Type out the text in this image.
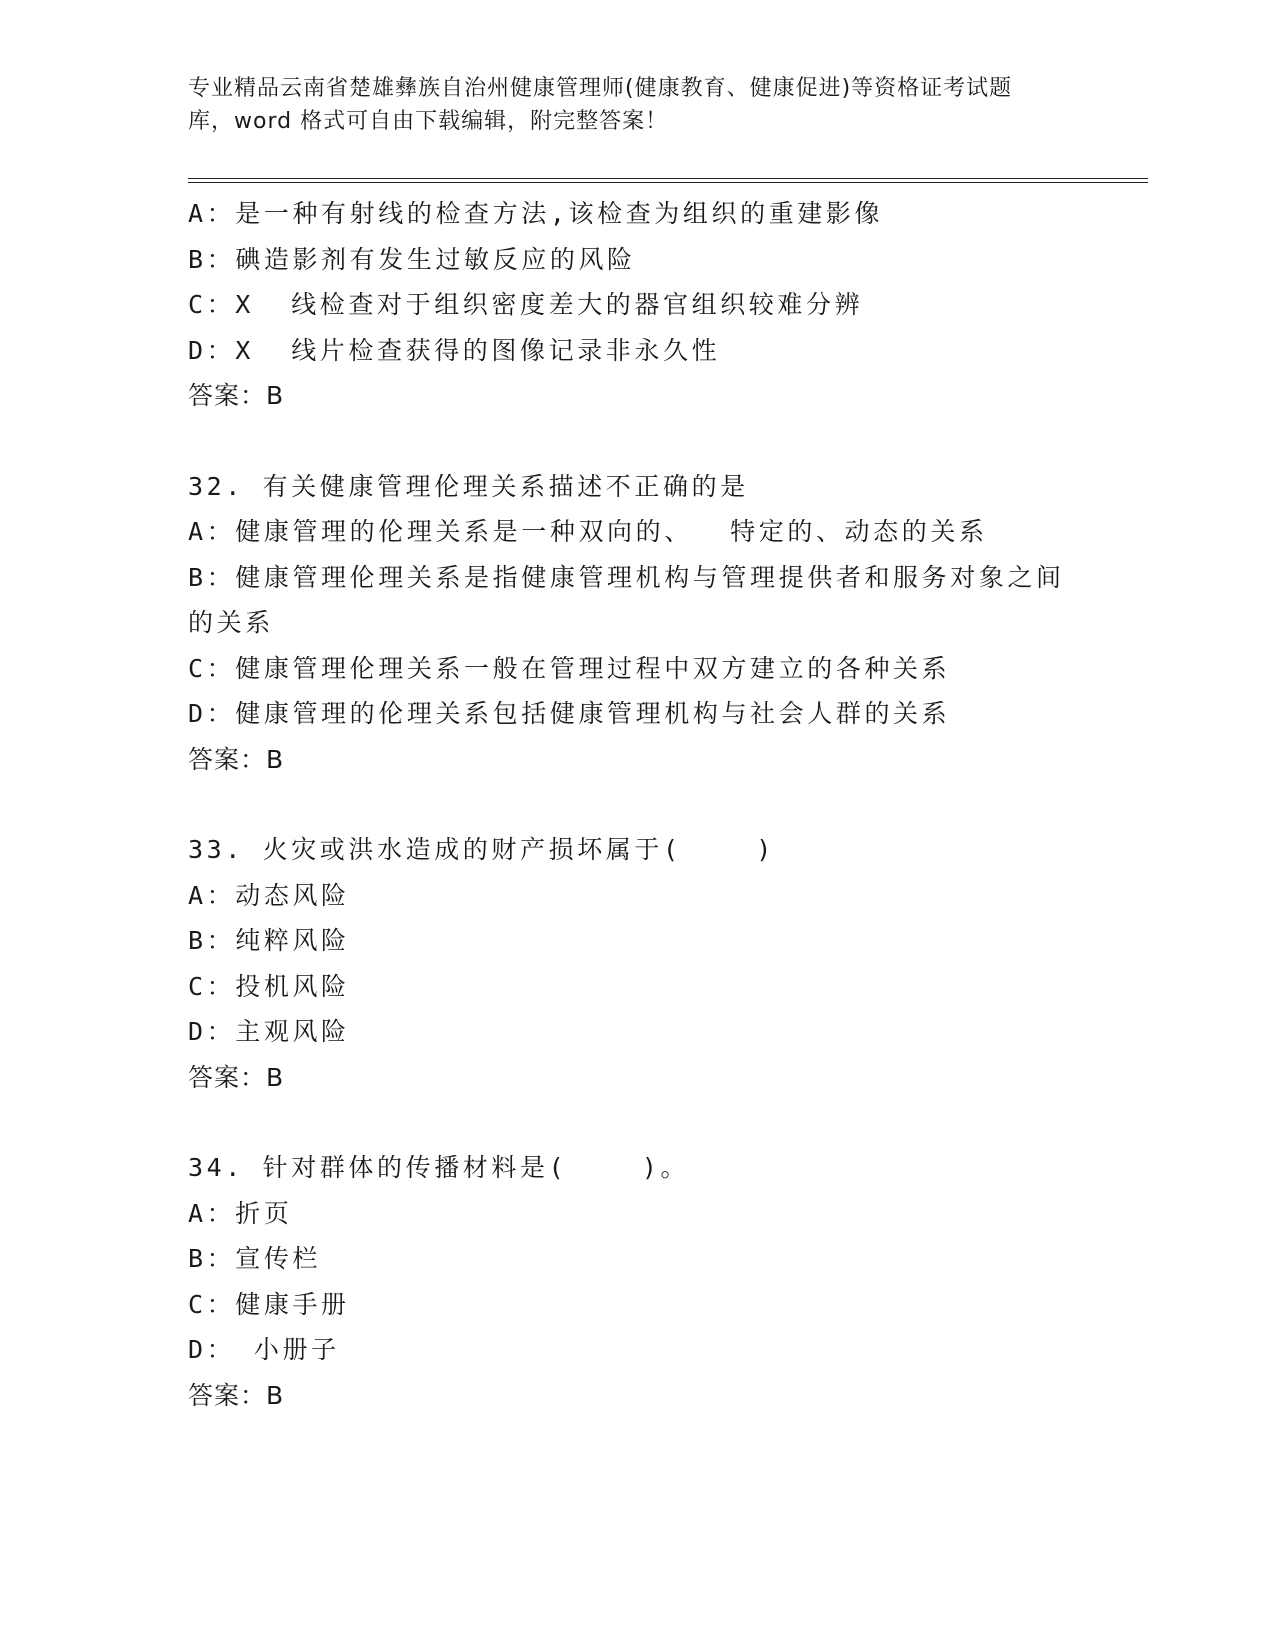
专业精品云南省楚雄彝族自治州健康管理师(健康教育、健康促进)等资格证考试题
库，word 格式可自由下载编辑，附完整答案！

A：是一种有射线的检查方法,该检查为组织的重建影像

B：碘造影剂有发生过敏反应的风险

C：X  线检查对于组织密度差大的器官组织较难分辨

D：X  线片检查获得的图像记录非永久性

答案：B

32. 有关健康管理伦理关系描述不正确的是

A：健康管理的伦理关系是一种双向的、  特定的、动态的关系

B：健康管理伦理关系是指健康管理机构与管理提供者和服务对象之间的关系

C：健康管理伦理关系一般在管理过程中双方建立的各种关系

D：健康管理的伦理关系包括健康管理机构与社会人群的关系

答案：B

33. 火灾或洪水造成的财产损坏属于(    )

A：动态风险

B：纯粹风险

C：投机风险

D：主观风险

答案：B

34. 针对群体的传播材料是(    )。

A：折页

B：宣传栏

C：健康手册

D： 小册子

答案：B
